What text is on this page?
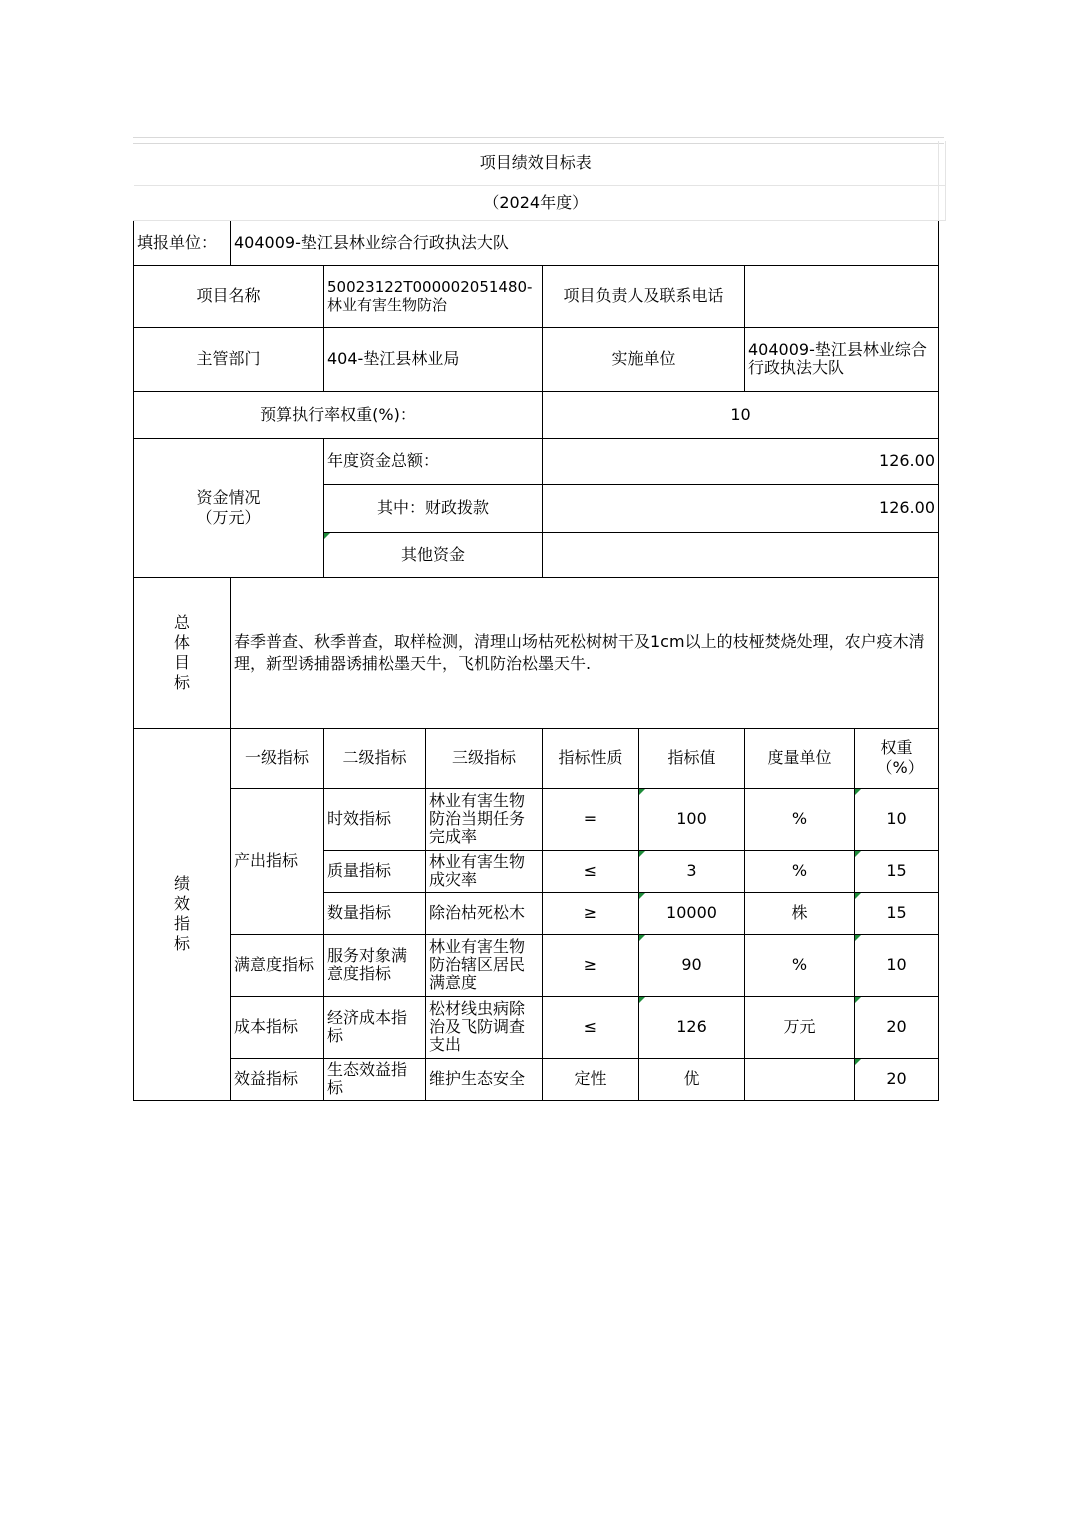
项目绩效目标表								
（2024年度）								
填报单位：	404009-垫江县林业综合行政执法大队							
项目名称		50023122T000002051480-林业有害生物防治		项目负责人及联系电话				
主管部门		404-垫江县林业局		实施单位		404009-垫江县林业综合行政执法大队		
预算执行率权重(%)：				10				

资金情况（万元）		年度资金总额：		126.00				
		其中：财政拨款		126.00				
		其他资金						
总体目标	春季普查、秋季普查，取样检测，清理山场枯死松树树干及1cm以上的枝桠焚烧处理，农户疫木清理，新型诱捕器诱捕松墨天牛，飞机防治松墨天牛.							
绩效指标	一级指标	二级指标	三级指标	指标性质	指标值	度量单位	权重（%）	

	产出指标	时效指标	林业有害生物防治当期任务完成率	=	100	%	10	
		质量指标	林业有害生物成灾率	≤	3	%	15	
		数量指标	除治枯死松木	≥	10000	株	15	
	满意度指标	服务对象满意度指标	林业有害生物防治辖区居民满意度	≥	90	%	10	
	成本指标	经济成本指标	松材线虫病除治及飞防调查支出	≤	126	万元	20	
	效益指标	生态效益指标	维护生态安全	定性	优		20	
